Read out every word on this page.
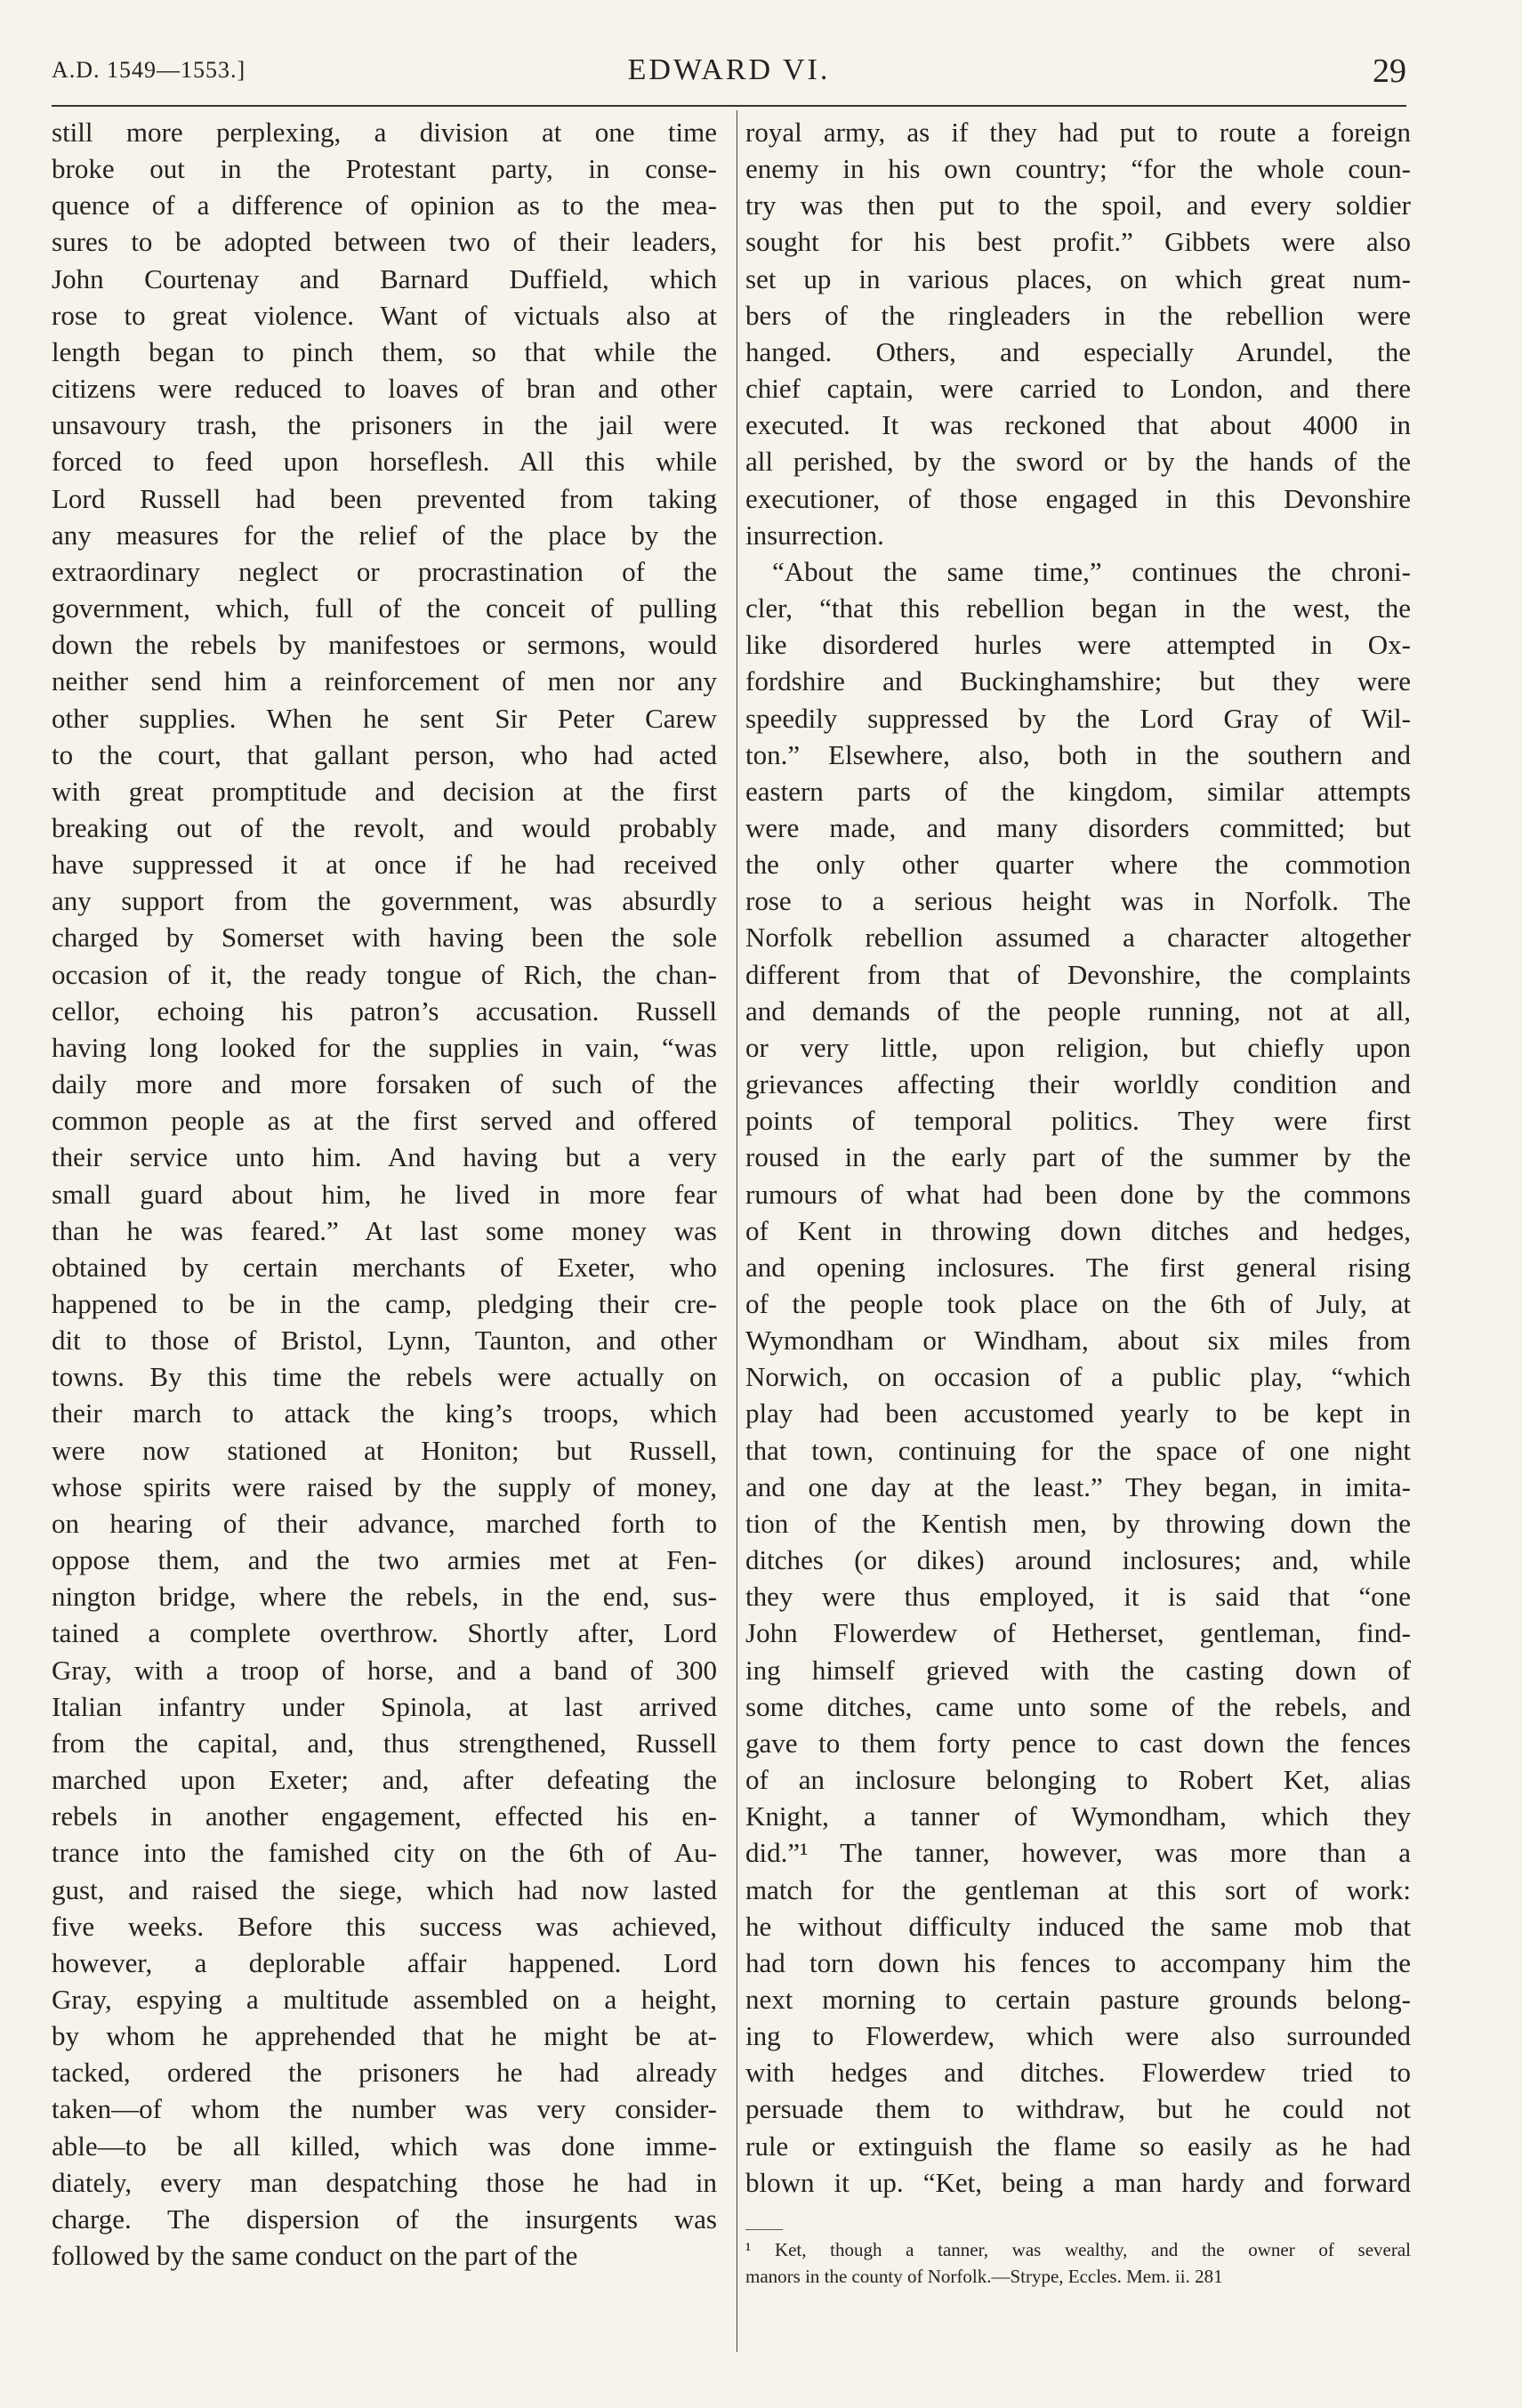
A.D. 1549—1553.]	EDWARD VI.	29
still more perplexing, a division at one time
broke out in the Protestant party, in conse-
quence of a difference of opinion as to the mea-
sures to be adopted between two of their leaders,
John Courtenay and Barnard Duffield, which
rose to great violence. Want of victuals also at
length began to pinch them, so that while the
citizens were reduced to loaves of bran and other
unsavoury trash, the prisoners in the jail were
forced to feed upon horseflesh. All this while
Lord Russell had been prevented from taking
any measures for the relief of the place by the
extraordinary neglect or procrastination of the
government, which, full of the conceit of pulling
down the rebels by manifestoes or sermons, would
neither send him a reinforcement of men nor any
other supplies. When he sent Sir Peter Carew
to the court, that gallant person, who had acted
with great promptitude and decision at the first
breaking out of the revolt, and would probably
have suppressed it at once if he had received
any support from the government, was absurdly
charged by Somerset with having been the sole
occasion of it, the ready tongue of Rich, the chan-
cellor, echoing his patron’s accusation. Russell
having long looked for the supplies in vain, “was
daily more and more forsaken of such of the
common people as at the first served and offered
their service unto him. And having but a very
small guard about him, he lived in more fear
than he was feared.” At last some money was
obtained by certain merchants of Exeter, who
happened to be in the camp, pledging their cre-
dit to those of Bristol, Lynn, Taunton, and other
towns. By this time the rebels were actually on
their march to attack the king’s troops, which
were now stationed at Honiton; but Russell,
whose spirits were raised by the supply of money,
on hearing of their advance, marched forth to
oppose them, and the two armies met at Fen-
nington bridge, where the rebels, in the end, sus-
tained a complete overthrow. Shortly after, Lord
Gray, with a troop of horse, and a band of 300
Italian infantry under Spinola, at last arrived
from the capital, and, thus strengthened, Russell
marched upon Exeter; and, after defeating the
rebels in another engagement, effected his en-
trance into the famished city on the 6th of Au-
gust, and raised the siege, which had now lasted
five weeks. Before this success was achieved,
however, a deplorable affair happened. Lord
Gray, espying a multitude assembled on a height,
by whom he apprehended that he might be at-
tacked, ordered the prisoners he had already
taken—of whom the number was very consider-
able—to be all killed, which was done imme-
diately, every man despatching those he had in
charge. The dispersion of the insurgents was
followed by the same conduct on the part of the
royal army, as if they had put to route a foreign
enemy in his own country; “for the whole coun-
try was then put to the spoil, and every soldier
sought for his best profit.” Gibbets were also
set up in various places, on which great num-
bers of the ringleaders in the rebellion were
hanged. Others, and especially Arundel, the
chief captain, were carried to London, and there
executed. It was reckoned that about 4000 in
all perished, by the sword or by the hands of the
executioner, of those engaged in this Devonshire
insurrection.
“About the same time,” continues the chroni-
cler, “that this rebellion began in the west, the
like disordered hurles were attempted in Ox-
fordshire and Buckinghamshire; but they were
speedily suppressed by the Lord Gray of Wil-
ton.” Elsewhere, also, both in the southern and
eastern parts of the kingdom, similar attempts
were made, and many disorders committed; but
the only other quarter where the commotion
rose to a serious height was in Norfolk. The
Norfolk rebellion assumed a character altogether
different from that of Devonshire, the complaints
and demands of the people running, not at all,
or very little, upon religion, but chiefly upon
grievances affecting their worldly condition and
points of temporal politics. They were first
roused in the early part of the summer by the
rumours of what had been done by the commons
of Kent in throwing down ditches and hedges,
and opening inclosures. The first general rising
of the people took place on the 6th of July, at
Wymondham or Windham, about six miles from
Norwich, on occasion of a public play, “which
play had been accustomed yearly to be kept in
that town, continuing for the space of one night
and one day at the least.” They began, in imita-
tion of the Kentish men, by throwing down the
ditches (or dikes) around inclosures; and, while
they were thus employed, it is said that “one
John Flowerdew of Hetherset, gentleman, find-
ing himself grieved with the casting down of
some ditches, came unto some of the rebels, and
gave to them forty pence to cast down the fences
of an inclosure belonging to Robert Ket, alias
Knight, a tanner of Wymondham, which they
did.”¹ The tanner, however, was more than a
match for the gentleman at this sort of work:
he without difficulty induced the same mob that
had torn down his fences to accompany him the
next morning to certain pasture grounds belong-
ing to Flowerdew, which were also surrounded
with hedges and ditches. Flowerdew tried to
persuade them to withdraw, but he could not
rule or extinguish the flame so easily as he had
blown it up. “Ket, being a man hardy and forward
¹ Ket, though a tanner, was wealthy, and the owner of several
manors in the county of Norfolk.—Strype, Eccles. Mem. ii. 281
